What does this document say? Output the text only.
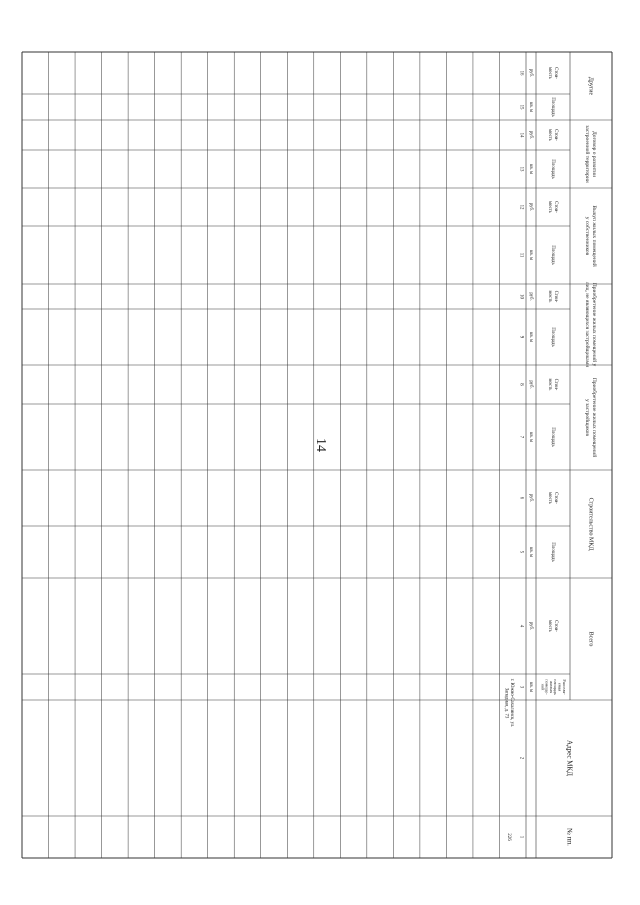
14
№ пп.
Адрес МКД
Всего
Строительство МКД
Приобретение жилых помещений
у застройщиков
Приобретение жилых помещений у
лиц, не являющихся застройщиками
Выкуп жилых помещений
у собственников
Договор о развитии
застроенной территории
Другие
Расселя-
емая
площадь
жилых
помеще-
ний
кв. м
Стои-
мость
руб.
Площадь
кв. м
Стои-
мость
руб.
Площадь
кв. м
Стои-
мость
руб.
Площадь
кв. м
Стои-
мость
руб.
Площадь
кв. м
Стои-
мость
руб.
Площадь
кв. м
Стои-
мость
руб.
Площадь
кв. м
Стои-
мость
руб.
1
2
3
4
5
6
7
8
9
10
11
12
13
14
15
16
226
г. Южно-Сахалинск, ул.
Западная, д. 73
